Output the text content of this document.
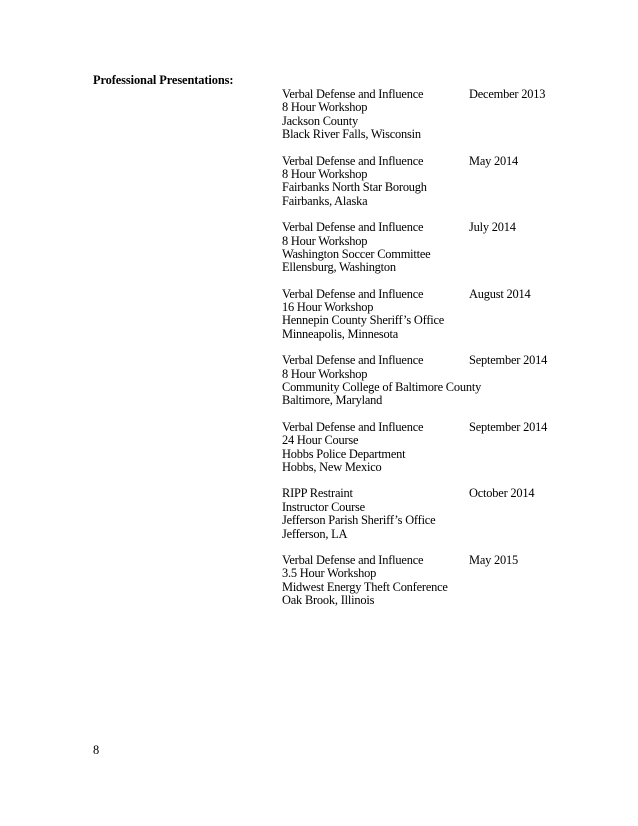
Professional Presentations:
Verbal Defense and Influence
8 Hour Workshop
Jackson County
Black River Falls, Wisconsin
December 2013
Verbal Defense and Influence
8 Hour Workshop
Fairbanks North Star Borough
Fairbanks, Alaska
May 2014
Verbal Defense and Influence
8 Hour Workshop
Washington Soccer Committee
Ellensburg, Washington
July 2014
Verbal Defense and Influence
16 Hour Workshop
Hennepin County Sheriff’s Office
Minneapolis, Minnesota
August 2014
Verbal Defense and Influence
8 Hour Workshop
Community College of Baltimore County
Baltimore, Maryland
September 2014
Verbal Defense and Influence
24 Hour Course
Hobbs Police Department
Hobbs, New Mexico
September 2014
RIPP Restraint
Instructor Course
Jefferson Parish Sheriff’s Office
Jefferson, LA
October 2014
Verbal Defense and Influence
3.5 Hour Workshop
Midwest Energy Theft Conference
Oak Brook, Illinois
May 2015
8
